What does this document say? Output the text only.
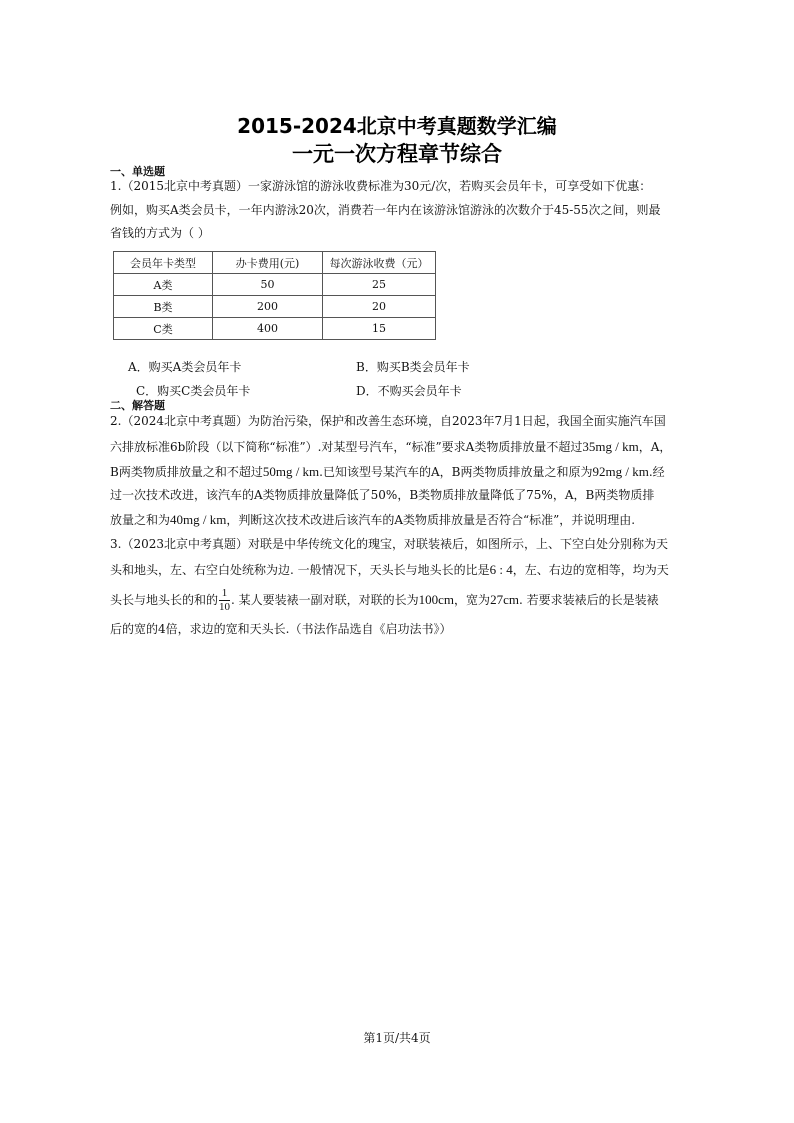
2015-2024北京中考真题数学汇编
一元一次方程章节综合
一、单选题
1.（2015北京中考真题）一家游泳馆的游泳收费标准为30元/次，若购买会员年卡，可享受如下优惠：
例如，购买A类会员卡，一年内游泳20次，消费若一年内在该游泳馆游泳的次数介于45-55次之间，则最
省钱的方式为（ ）
会员年卡类型	办卡费用(元)	每次游泳收费（元）
A类	50	25
B类	200	20
C类	400	15
A．购买A类会员年卡	B．购买B类会员年卡
C．购买C类会员年卡	D．不购买会员年卡
二、解答题
2.（2024北京中考真题）为防治污染，保护和改善生态环境，自2023年7月1日起，我国全面实施汽车国
六排放标准6b阶段（以下简称“标准”）.对某型号汽车，“标准”要求A类物质排放量不超过35mg / km，A，
B两类物质排放量之和不超过50mg / km.已知该型号某汽车的A，B两类物质排放量之和原为92mg / km.经
过一次技术改进，该汽车的A类物质排放量降低了50%，B类物质排放量降低了75%，A，B两类物质排
放量之和为40mg / km，判断这次技术改进后该汽车的A类物质排放量是否符合“标准”，并说明理由.
3.（2023北京中考真题）对联是中华传统文化的瑰宝，对联装裱后，如图所示，上、下空白处分别称为天
头和地头，左、右空白处统称为边. 一般情况下，天头长与地头长的比是6 : 4，左、右边的宽相等，均为天
头长与地头长的和的 $\frac{1}{10}$ . 某人要装裱一副对联，对联的长为100cm，宽为27cm. 若要求装裱后的长是装裱
后的宽的4倍，求边的宽和天头长.（书法作品选自《启功法书》）
第1页/共4页
